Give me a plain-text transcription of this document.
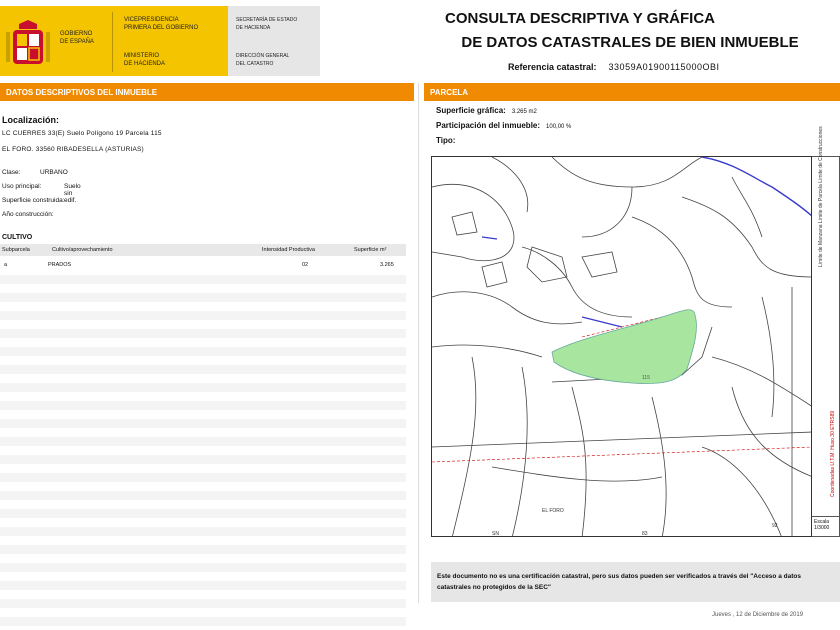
GOBIERNO
DE ESPAÑA
VICEPRESIDENCIA
PRIMERA DEL GOBIERNO
MINISTERIO
DE HACIENDA
SECRETARÍA DE ESTADO
DE HACIENDA
DIRECCIÓN GENERAL
DEL CATASTRO
CONSULTA DESCRIPTIVA Y GRÁFICA
DE DATOS CATASTRALES DE BIEN INMUEBLE
Referencia catastral: 33059A01900115000OBI
DATOS DESCRIPTIVOS DEL INMUEBLE	PARCELA
Localización:
LC CUERRES 33(E) Suelo Polígono 19 Parcela 115
EL FORO. 33560 RIBADESELLA (ASTURIAS)
Clase:	URBANO
Uso principal:	Suelo sin edif.
Superficie construida:
Año construcción:
CULTIVO
Subparcela	Cultivo/aprovechamiento	Intensidad Productiva	Superficie m²
a	PRADOS	02	3.265
Superficie gráfica: 3.265 m2
Participación del inmueble: 100,00 %
Tipo:
115
EL FORO
SN	83
92
Límite de Manzana Límite de Parcela Límite de Construcciones
Coordenadas U.T.M. Huso 30 ETRS89
Escala 1/3000
Este documento no es una certificación catastral, pero sus datos pueden ser verificados a través del "Acceso a datos catastrales no protegidos de la SEC"
Jueves , 12 de Diciembre de 2019
